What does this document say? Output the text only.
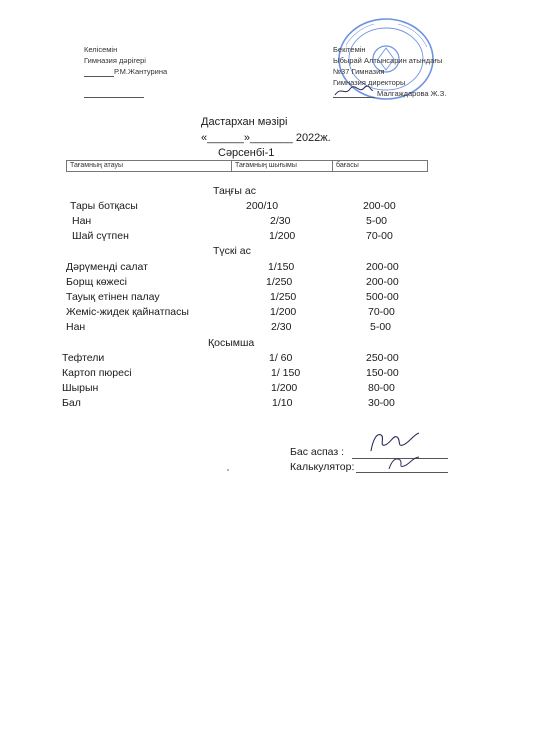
Келісемін
Гимназия дәрігері
Р.М.Жантурина
Бекітемін
Ыбырай Алтынсарин атындағы
№37 Гимназия
Гимназия директоры
Малгаждарова Ж.З.
Дастархан мәзірі
«______»_______ 2022ж.
Сәрсенбі-1
Тағамның атауы	Тағамның шығымы	бағасы
Таңғы ас
Тары ботқасы	200/10	200-00
Нан	2/30	5-00
Шай сүтпен	1/200	70-00
Түскі ас
Дәрүменді салат	1/150	200-00
Борщ көжесі	1/250	200-00
Тауық етінен палау	1/250	500-00
Жеміс-жидек қайнатпасы	1/200	70-00
Нан	2/30	5-00
Қосымша
Тефтели	1/ 60	250-00
Картоп пюресі	1/ 150	150-00
Шырын	1/200	80-00
Бал	1/10	30-00
Бас аспаз :
Калькулятор:
